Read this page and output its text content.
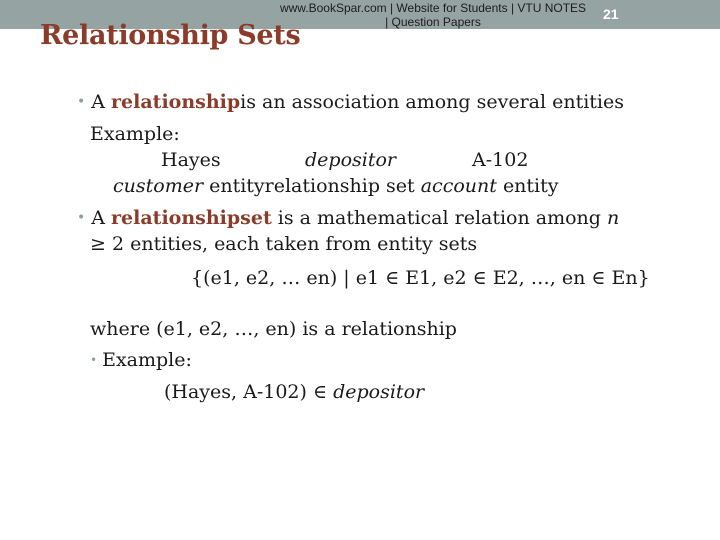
Relationship Sets
www.BookSpar.com | Website for Students | VTU NOTES
| Question Papers	21
• A relationshipis an association among several entities
Example:
Hayes	depositor	A-102
customer entityrelationship set account entity
• A relationshipset is a mathematical relation among n
≥ 2 entities, each taken from entity sets
{(e1, e2, … en) | e1 ∈ E1, e2 ∈ E2, …, en ∈ En}
where (e1, e2, …, en) is a relationship
• Example:
(Hayes, A-102) ∈ depositor
